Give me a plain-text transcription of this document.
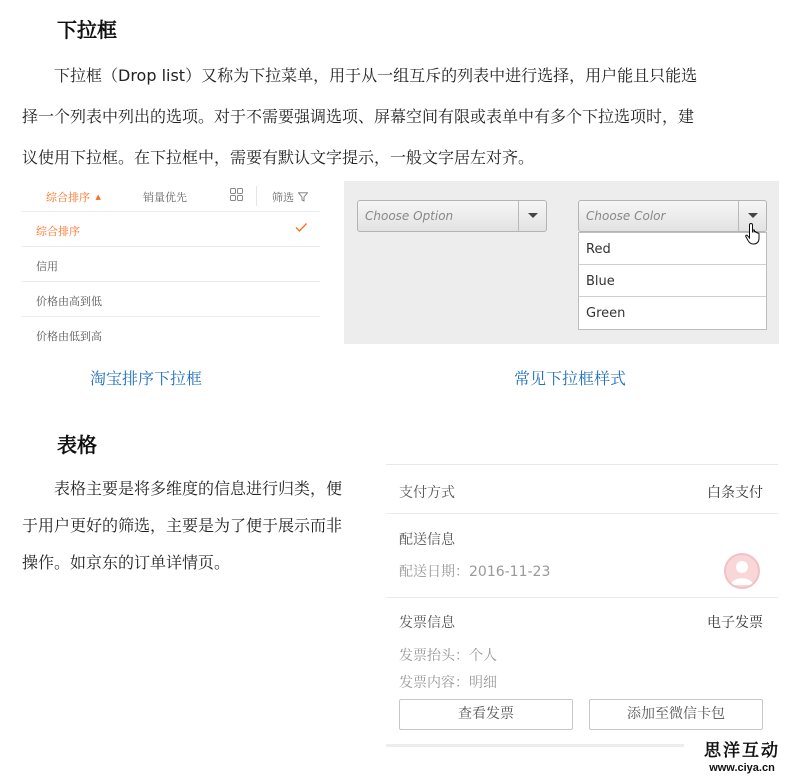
下拉框
　　下拉框（Drop list）又称为下拉菜单，用于从一组互斥的列表中进行选择，用户能且只能选
择一个列表中列出的选项。对于不需要强调选项、屏幕空间有限或表单中有多个下拉选项时，建
议使用下拉框。在下拉框中，需要有默认文字提示，一般文字居左对齐。
综合排序 ▲	销量优先	筛选
综合排序
信用
价格由高到低
价格由低到高
Choose Option	Choose Color
Red
Blue
Green
淘宝排序下拉框	常见下拉框样式
表格
　　表格主要是将多维度的信息进行归类，便
于用户更好的筛选，主要是为了便于展示而非
操作。如京东的订单详情页。
支付方式	白条支付
配送信息
配送日期：2016-11-23
发票信息	电子发票
发票抬头：个人
发票内容：明细
查看发票	添加至微信卡包
思洋互动
www.ciya.cn
